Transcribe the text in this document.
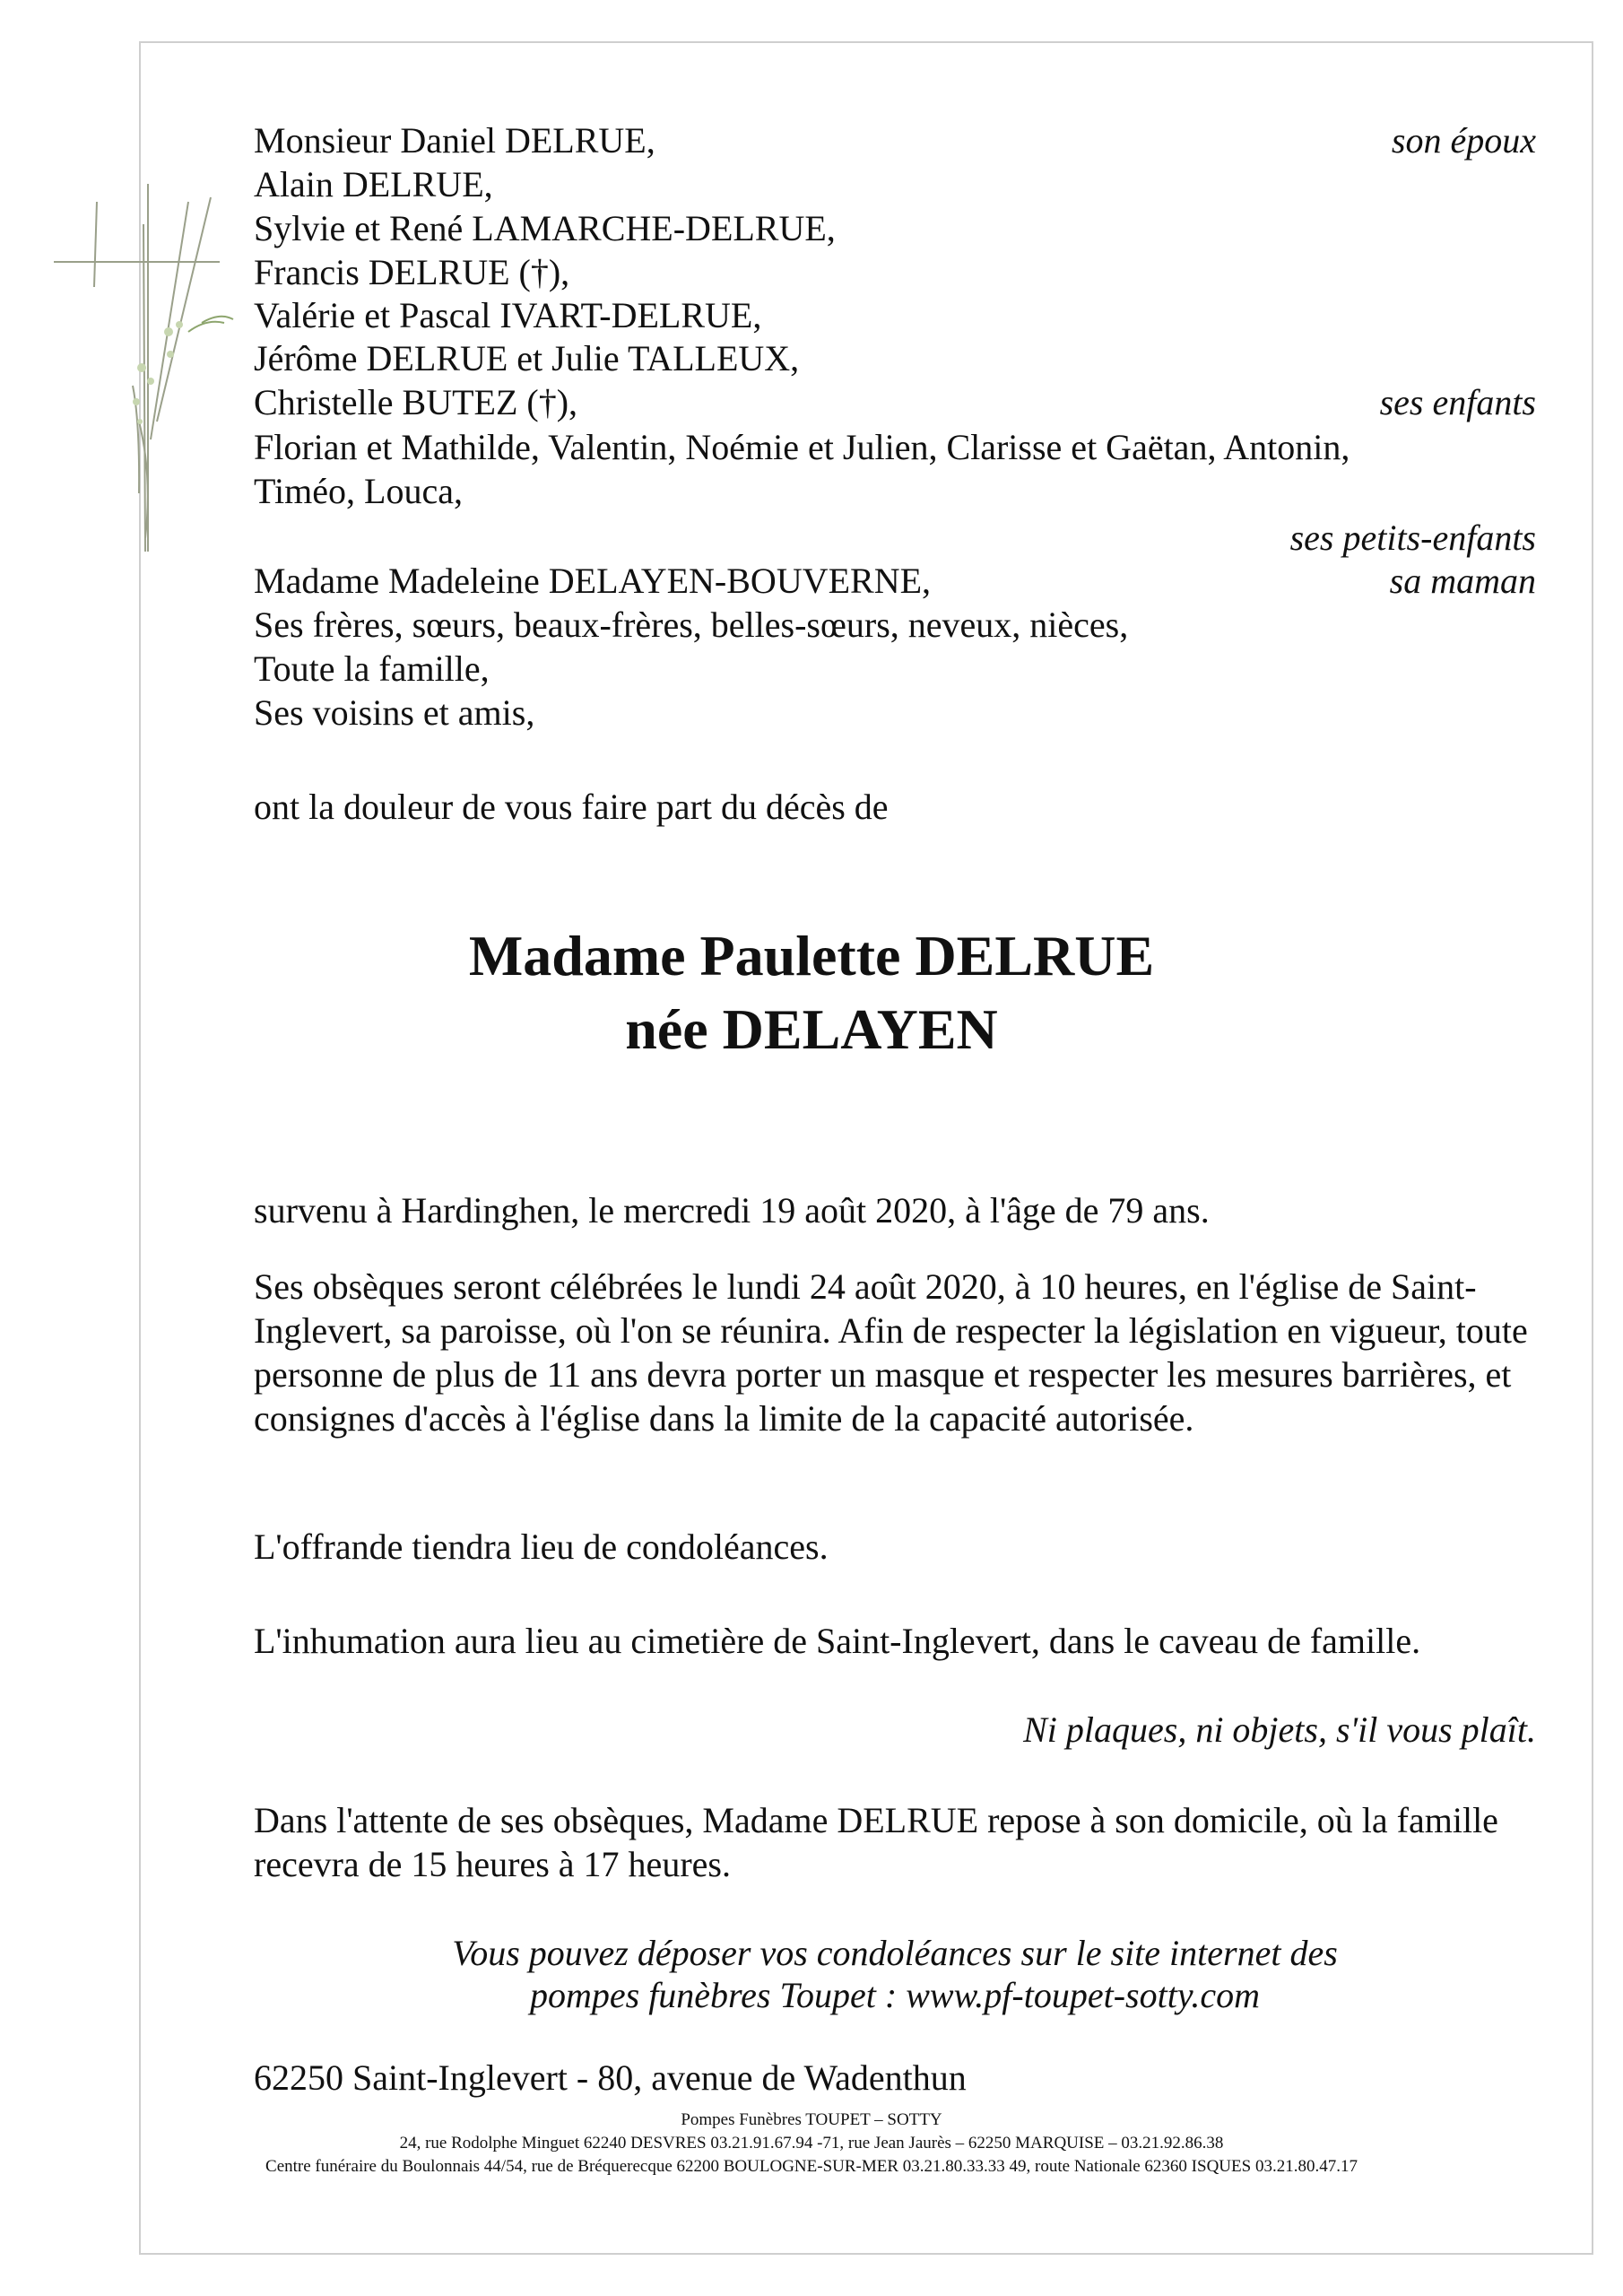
Monsieur Daniel DELRUE,	son époux
Alain DELRUE,
Sylvie et René LAMARCHE-DELRUE,
Francis DELRUE (†),
Valérie et Pascal IVART-DELRUE,
Jérôme DELRUE et Julie TALLEUX,
Christelle BUTEZ (†),	ses enfants
Florian et Mathilde, Valentin, Noémie et Julien, Clarisse et Gaëtan, Antonin,
Timéo, Louca,
ses petits-enfants
Madame Madeleine DELAYEN-BOUVERNE,	sa maman
Ses frères, sœurs, beaux-frères, belles-sœurs, neveux, nièces,
Toute la famille,
Ses voisins et amis,
ont la douleur de vous faire part du décès de
Madame Paulette DELRUE
née DELAYEN
survenu à Hardinghen, le mercredi 19 août 2020, à l'âge de 79 ans.
Ses obsèques seront célébrées le lundi 24 août 2020, à 10 heures, en l'église de Saint-Inglevert, sa paroisse, où l'on se réunira. Afin de respecter la législation en vigueur, toute personne de plus de 11 ans devra porter un masque et respecter les mesures barrières, et consignes d'accès à l'église dans la limite de la capacité autorisée.
L'offrande tiendra lieu de condoléances.
L'inhumation aura lieu au cimetière de Saint-Inglevert, dans le caveau de famille.
Ni plaques, ni objets, s'il vous plaît.
Dans l'attente de ses obsèques, Madame DELRUE repose à son domicile, où la famille recevra de 15 heures à 17 heures.
Vous pouvez déposer vos condoléances sur le site internet des
pompes funèbres Toupet : www.pf-toupet-sotty.com
62250 Saint-Inglevert - 80, avenue de Wadenthun
Pompes Funèbres TOUPET – SOTTY
24, rue Rodolphe Minguet 62240 DESVRES 03.21.91.67.94 -71, rue Jean Jaurès – 62250 MARQUISE – 03.21.92.86.38
Centre funéraire du Boulonnais 44/54, rue de Bréquerecque 62200 BOULOGNE-SUR-MER 03.21.80.33.33 49, route Nationale 62360 ISQUES 03.21.80.47.17
